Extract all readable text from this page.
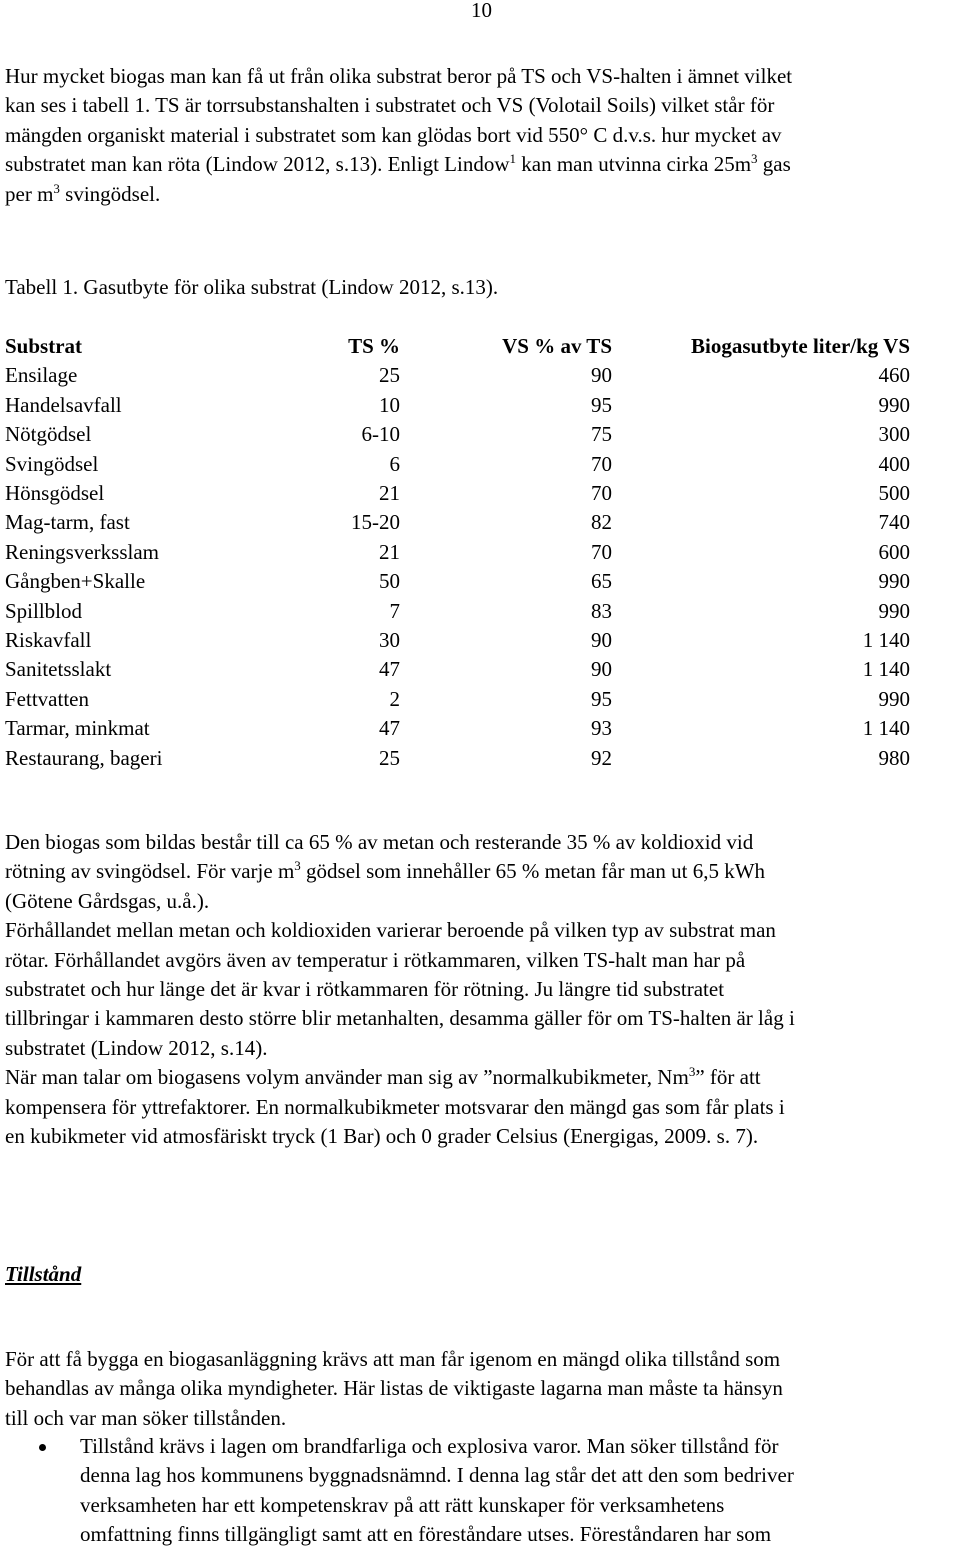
10

Hur mycket biogas man kan få ut från olika substrat beror på TS och VS-halten i ämnet vilket
kan ses i tabell 1. TS är torrsubstanshalten i substratet och VS (Volotail Soils) vilket står för
mängden organiskt material i substratet som kan glödas bort vid 550° C d.v.s. hur mycket av
substratet man kan röta (Lindow 2012, s.13). Enligt Lindow$^1$ kan man utvinna cirka $25m^3$ gas
per $m^3$ svingödsel.

Tabell 1. Gasutbyte för olika substrat (Lindow 2012, s.13).

Substrat	TS %	VS % av TS	Biogasutbyte liter/kg VS
Ensilage	25	90	460
Handelsavfall	10	95	990
Nötgödsel	6-10	75	300
Svingödsel	6	70	400
Hönsgödsel	21	70	500
Mag-tarm, fast	15-20	82	740
Reningsverksslam	21	70	600
Gångben+Skalle	50	65	990
Spillblod	7	83	990
Riskavfall	30	90	1 140
Sanitetsslakt	47	90	1 140
Fettvatten	2	95	990
Tarmar, minkmat	47	93	1 140
Restaurang, bageri	25	92	980

Den biogas som bildas består till ca 65 % av metan och resterande 35 % av koldioxid vid
rötning av svingödsel. För varje $m^3$ gödsel som innehåller 65 % metan får man ut 6,5 kWh
(Götene Gårdsgas, u.å.).
Förhållandet mellan metan och koldioxiden varierar beroende på vilken typ av substrat man
rötar. Förhållandet avgörs även av temperatur i rötkammaren, vilken TS-halt man har på
substratet och hur länge det är kvar i rötkammaren för rötning. Ju längre tid substratet
tillbringar i kammaren desto större blir metanhalten, desamma gäller för om TS-halten är låg i
substratet (Lindow 2012, s.14).
När man talar om biogasens volym använder man sig av ”normalkubikmeter, Nm$^3$” för att
kompensera för yttrefaktorer. En normalkubikmeter motsvarar den mängd gas som får plats i
en kubikmeter vid atmosfäriskt tryck (1 Bar) och 0 grader Celsius (Energigas, 2009. s. 7).

Tillstånd

För att få bygga en biogasanläggning krävs att man får igenom en mängd olika tillstånd som
behandlas av många olika myndigheter. Här listas de viktigaste lagarna man måste ta hänsyn
till och var man söker tillstånden.

Tillstånd krävs i lagen om brandfarliga och explosiva varor. Man söker tillstånd för
denna lag hos kommunens byggnadsnämnd. I denna lag står det att den som bedriver
verksamheten har ett kompetenskrav på att rätt kunskaper för verksamhetens
omfattning finns tillgängligt samt att en föreståndare utses. Föreståndaren har som
